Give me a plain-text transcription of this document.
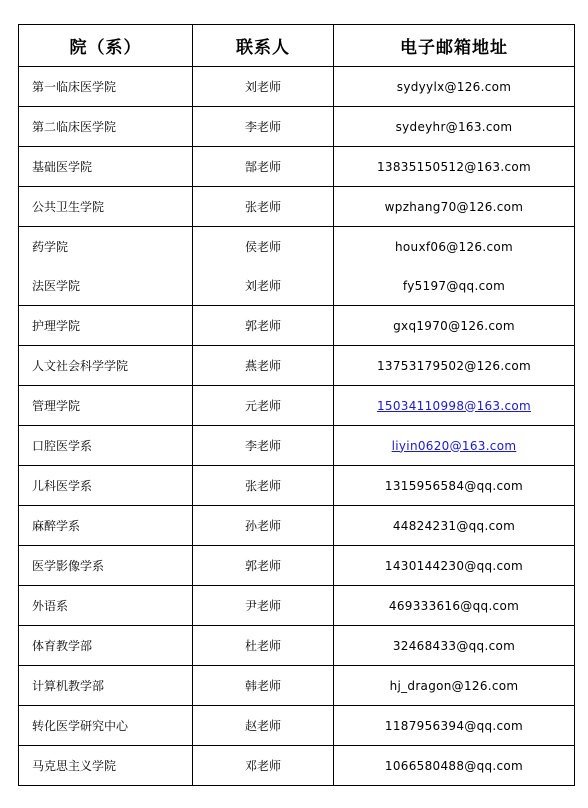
院（系）	联系人	电子邮箱地址
第一临床医学院	刘老师	sydyylx@126.com
第二临床医学院	李老师	sydeyhr@163.com
基础医学院	郜老师	13835150512@163.com
公共卫生学院	张老师	wpzhang70@126.com
药学院	侯老师	houxf06@126.com
法医学院	刘老师	fy5197@qq.com
护理学院	郭老师	gxq1970@126.com
人文社会科学学院	燕老师	13753179502@126.com
管理学院	元老师	15034110998@163.com
口腔医学系	李老师	liyin0620@163.com
儿科医学系	张老师	1315956584@qq.com
麻醉学系	孙老师	44824231@qq.com
医学影像学系	郭老师	1430144230@qq.com
外语系	尹老师	469333616@qq.com
体育教学部	杜老师	32468433@qq.com
计算机教学部	韩老师	hj_dragon@126.com
转化医学研究中心	赵老师	1187956394@qq.com
马克思主义学院	邓老师	1066580488@qq.com
